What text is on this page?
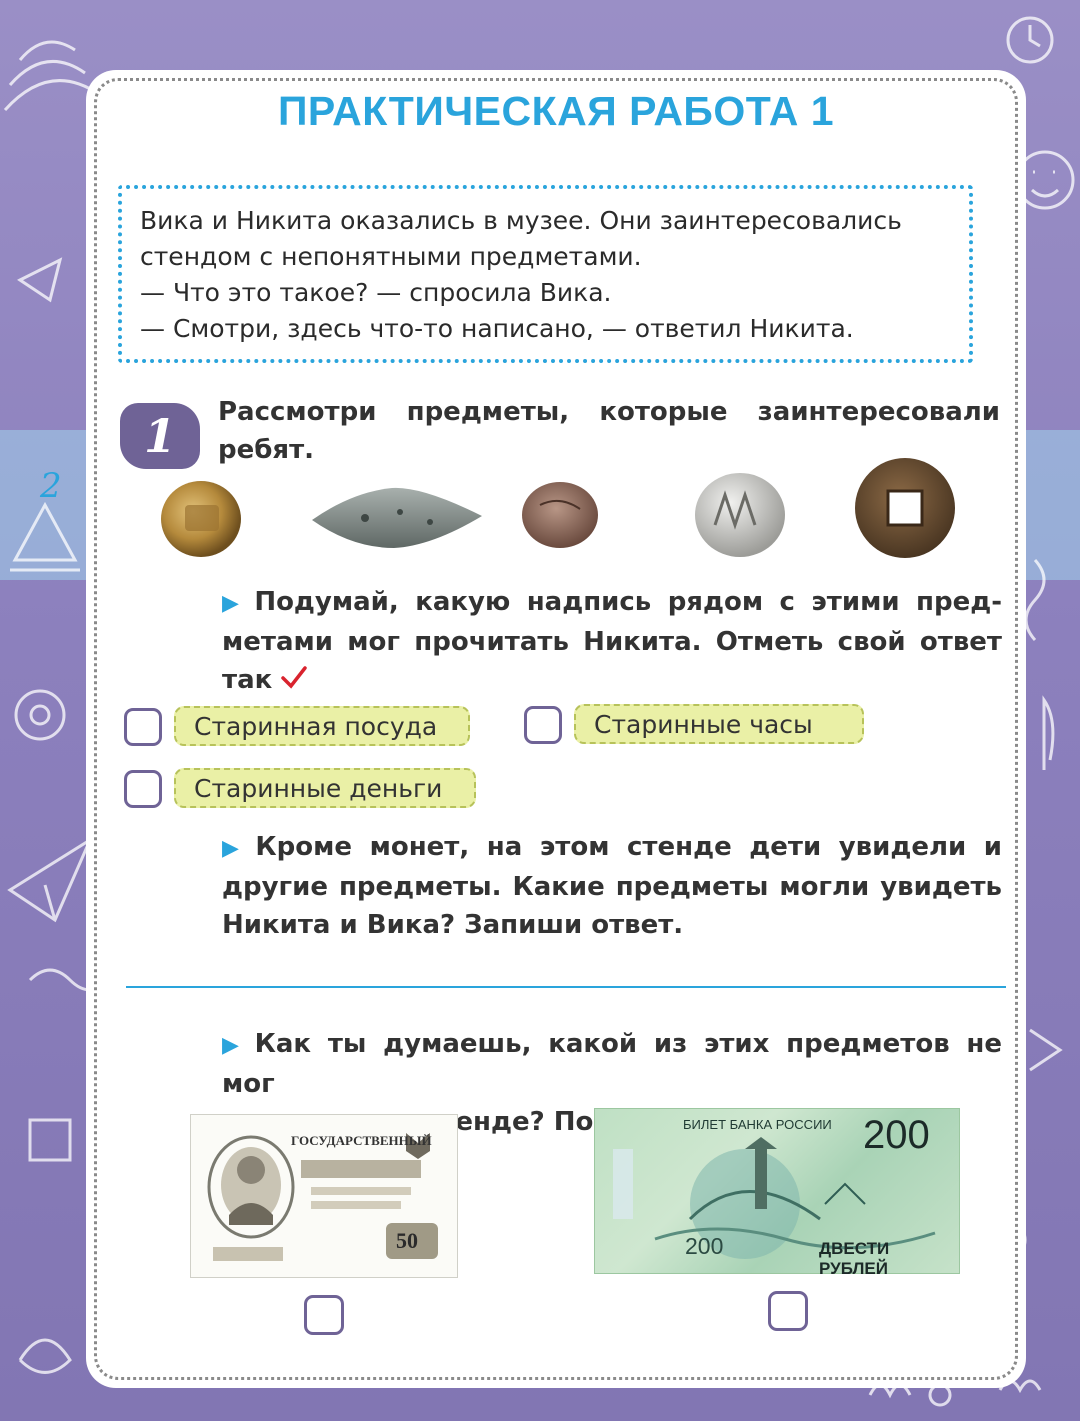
ПРАКТИЧЕСКАЯ РАБОТА 1

Вика и Никита оказались в музее. Они заинтересовались

стендом с непонятными предметами.

— Что это такое? — спросила Вика.

— Смотри, здесь что-то написано, — ответил Никита.

1
2
Рассмотри предметы, которые заинтересовали
ребят.
▶ Подумай, какую надпись рядом с этими пред-
метами мог прочитать Никита. Отметь свой ответ
так
Старинная посуда	Старинные часы
Старинные деньги
▶ Кроме монет, на этом стенде дети увидели и
другие предметы. Какие предметы могли увидеть
Никита и Вика? Запиши ответ.
▶ Как ты думаешь, какой из этих предметов не мог
стенде?
ГОСУДАРСТВЕННЫЙ
50
БИЛЕТ БАНКА РОССИИ 200
200	ДВЕСТИ РУБЛЕЙ
